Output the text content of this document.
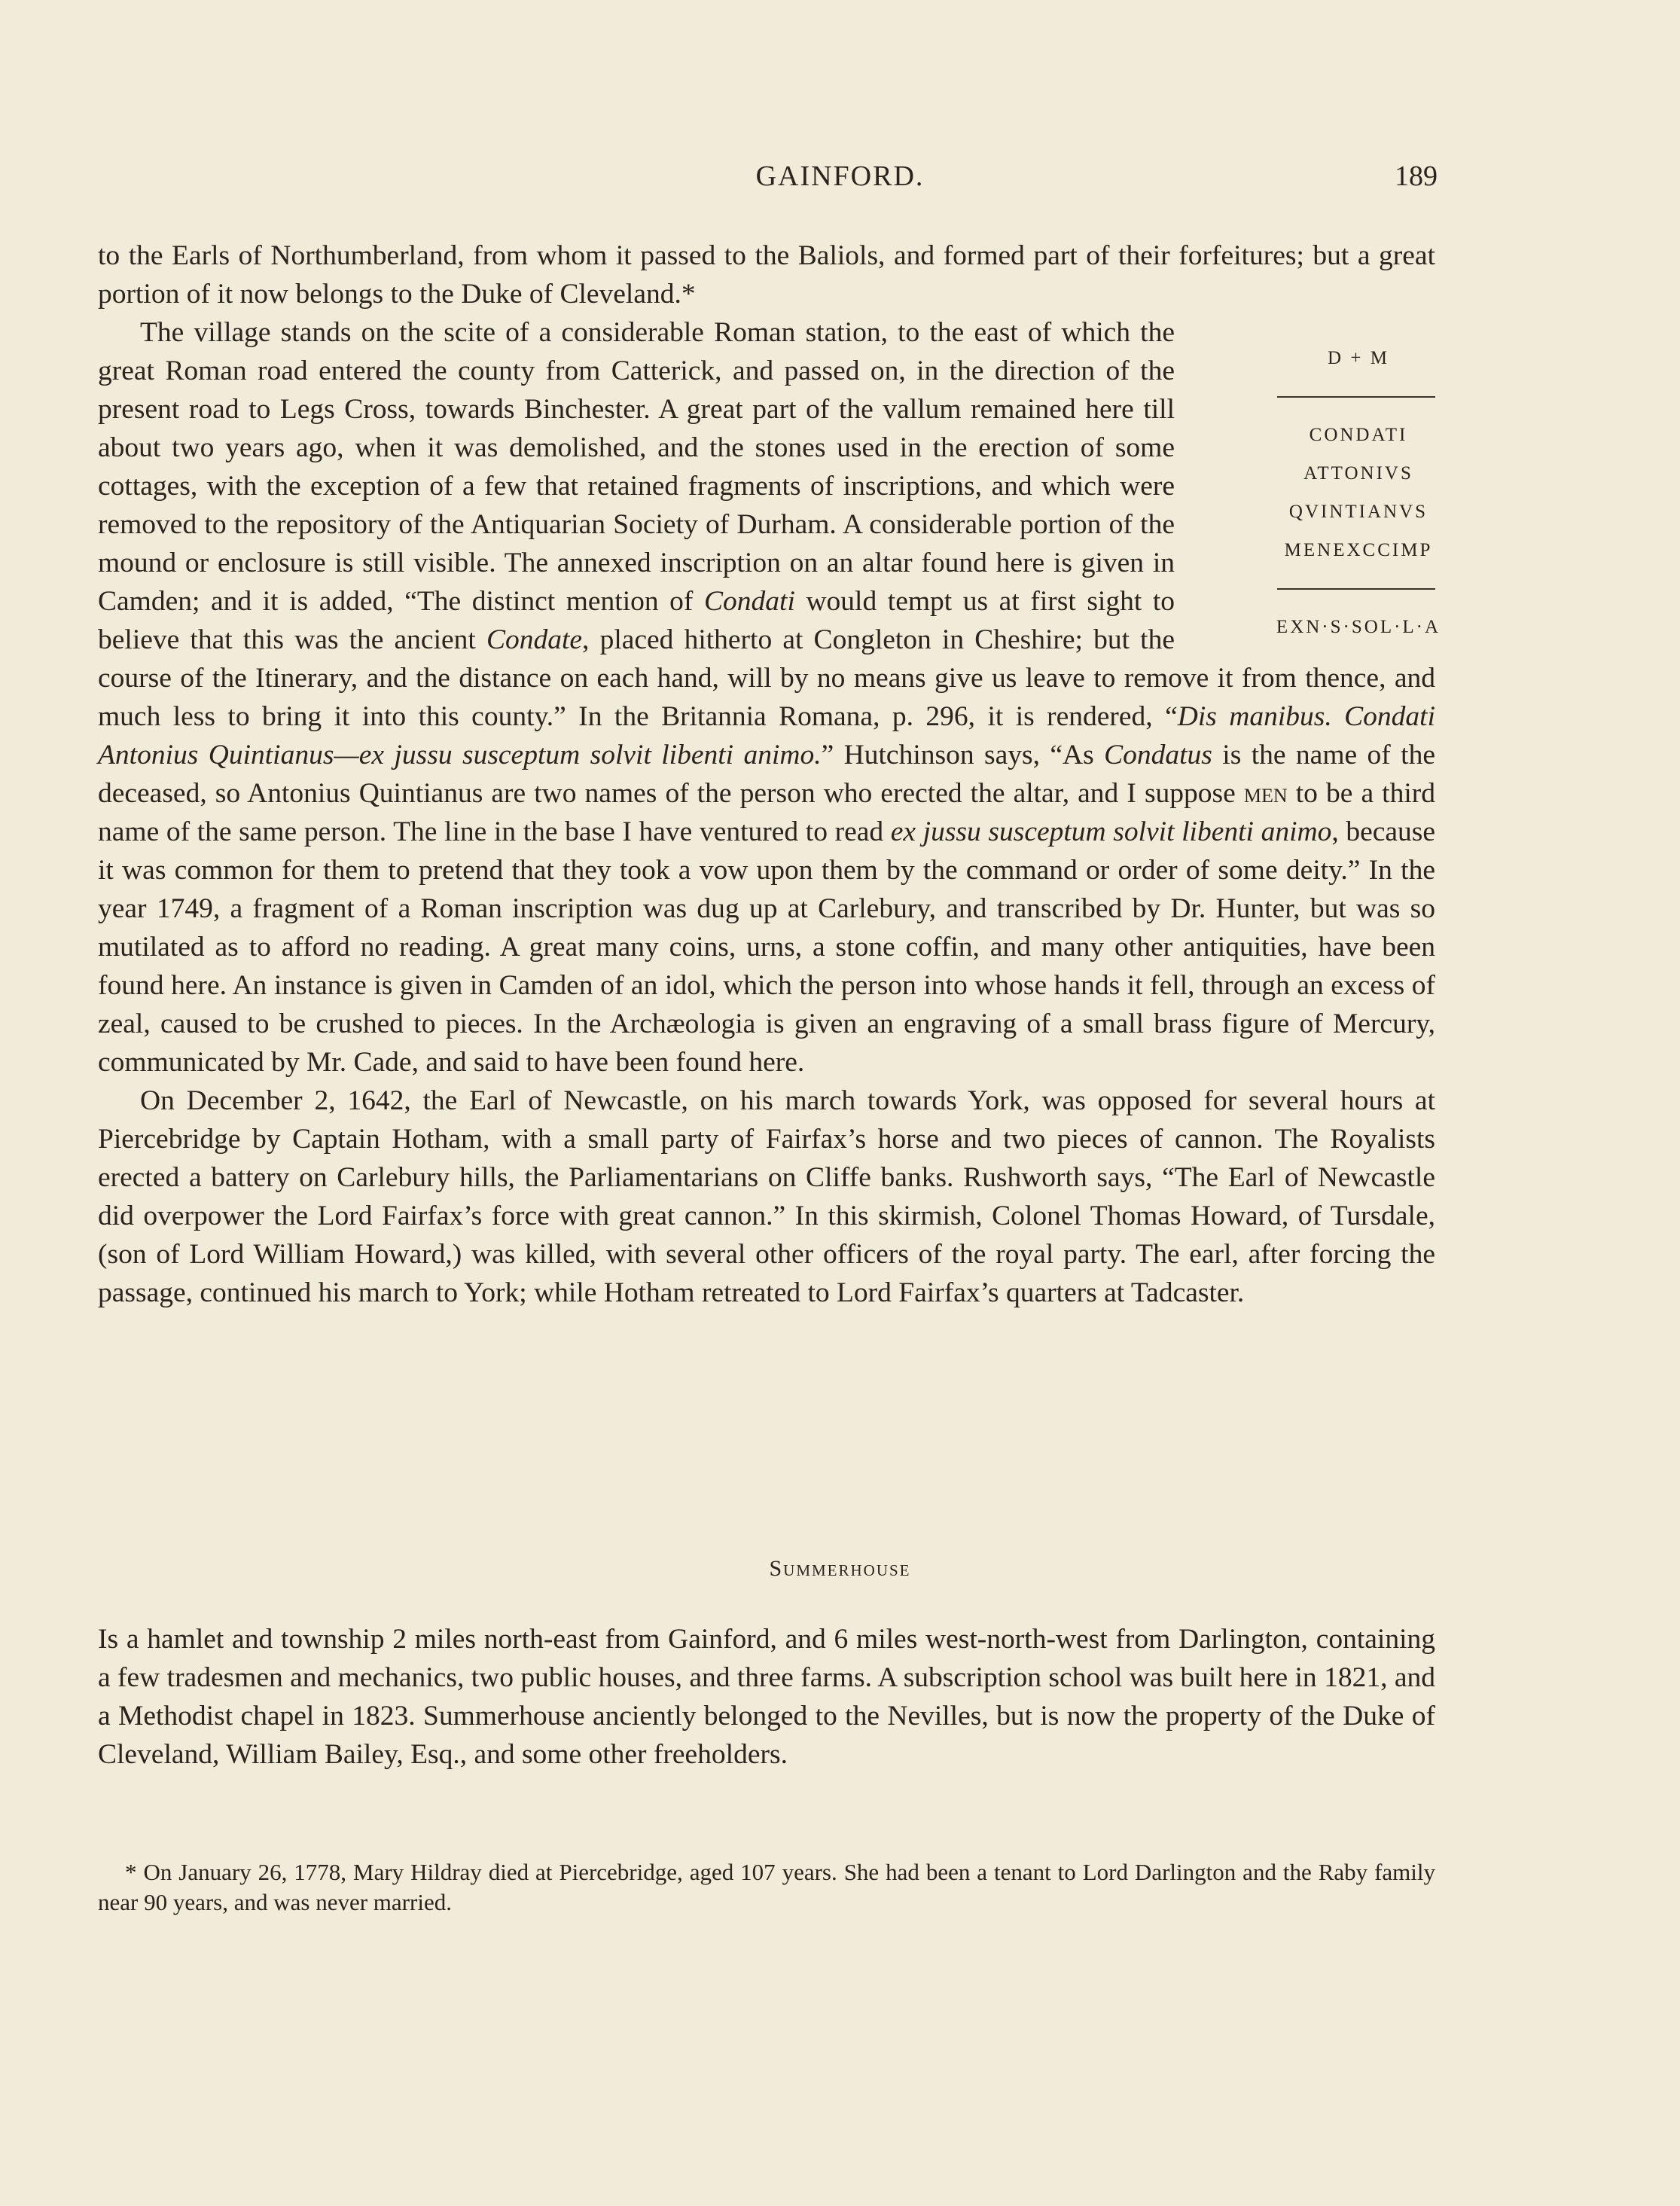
GAINFORD.	189

to the Earls of Northumberland, from whom it passed to the Baliols, and formed part of their forfeitures; but a great portion of it now belongs to the Duke of Cleveland.*

D + M
CONDATI
ATTONIVS
QVINTIANVS
MENEXCCIMP
EXN·S·SOL·L·A
The village stands on the scite of a considerable Roman station, to the east of which the great Roman road entered the county from Catterick, and passed on, in the direction of the present road to Legs Cross, towards Binchester. A great part of the vallum remained here till about two years ago, when it was demolished, and the stones used in the erection of some cottages, with the exception of a few that retained fragments of inscriptions, and which were removed to the repository of the Antiquarian Society of Durham. A considerable portion of the mound or enclosure is still visible. The annexed inscription on an altar found here is given in Camden; and it is added, “The distinct mention of Condati would tempt us at first sight to believe that this was the ancient Condate, placed hitherto at Congleton in Cheshire; but the course of the Itinerary, and the distance on each hand, will by no means give us leave to remove it from thence, and much less to bring it into this county.” In the Britannia Romana, p. 296, it is rendered, “Dis manibus. Condati Antonius Quintianus—ex jussu susceptum solvit libenti animo.” Hutchinson says, “As Condatus is the name of the deceased, so Antonius Quintianus are two names of the person who erected the altar, and I suppose men to be a third name of the same person. The line in the base I have ventured to read ex jussu susceptum solvit libenti animo, because it was common for them to pretend that they took a vow upon them by the command or order of some deity.” In the year 1749, a fragment of a Roman inscription was dug up at Carlebury, and transcribed by Dr. Hunter, but was so mutilated as to afford no reading. A great many coins, urns, a stone coffin, and many other antiquities, have been found here. An instance is given in Camden of an idol, which the person into whose hands it fell, through an excess of zeal, caused to be crushed to pieces. In the Archæologia is given an engraving of a small brass figure of Mercury, communicated by Mr. Cade, and said to have been found here.

On December 2, 1642, the Earl of Newcastle, on his march towards York, was opposed for several hours at Piercebridge by Captain Hotham, with a small party of Fairfax’s horse and two pieces of cannon. The Royalists erected a battery on Carlebury hills, the Parliamentarians on Cliffe banks. Rushworth says, “The Earl of Newcastle did overpower the Lord Fairfax’s force with great cannon.” In this skirmish, Colonel Thomas Howard, of Tursdale, (son of Lord William Howard,) was killed, with several other officers of the royal party. The earl, after forcing the passage, continued his march to York; while Hotham retreated to Lord Fairfax’s quarters at Tadcaster.

Summerhouse

Is a hamlet and township 2 miles north-east from Gainford, and 6 miles west-north-west from Darlington, containing a few tradesmen and mechanics, two public houses, and three farms. A subscription school was built here in 1821, and a Methodist chapel in 1823. Summerhouse anciently belonged to the Nevilles, but is now the property of the Duke of Cleveland, William Bailey, Esq., and some other freeholders.

* On January 26, 1778, Mary Hildray died at Piercebridge, aged 107 years. She had been a tenant to Lord Darlington and the Raby family near 90 years, and was never married.
